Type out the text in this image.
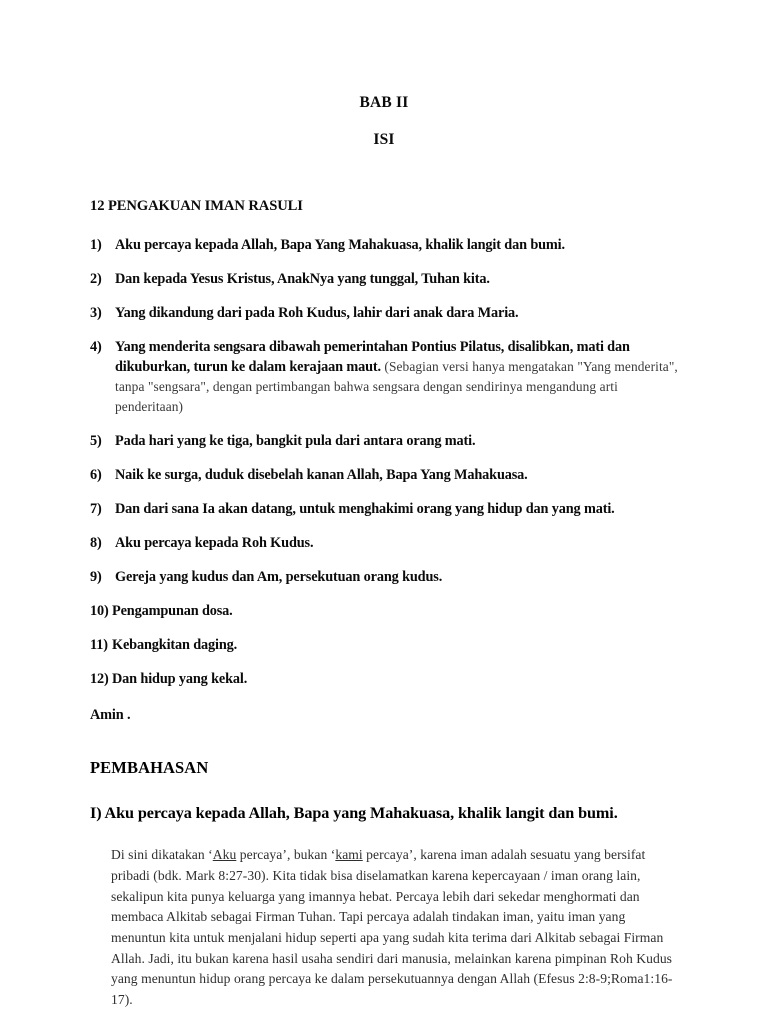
BAB II
ISI
12 PENGAKUAN IMAN RASULI
1) Aku percaya kepada Allah, Bapa Yang Mahakuasa, khalik langit dan bumi.
2) Dan kepada Yesus Kristus, AnakNya yang tunggal, Tuhan kita.
3) Yang dikandung dari pada Roh Kudus, lahir dari anak dara Maria.
4) Yang menderita sengsara dibawah pemerintahan Pontius Pilatus, disalibkan, mati dan dikuburkan, turun ke dalam kerajaan maut. (Sebagian versi hanya mengatakan "Yang menderita", tanpa "sengsara", dengan pertimbangan bahwa sengsara dengan sendirinya mengandung arti penderitaan)
5) Pada hari yang ke tiga, bangkit pula dari antara orang mati.
6) Naik ke surga, duduk disebelah kanan Allah, Bapa Yang Mahakuasa.
7) Dan dari sana Ia akan datang, untuk menghakimi orang yang hidup dan yang mati.
8) Aku percaya kepada Roh Kudus.
9) Gereja yang kudus dan Am, persekutuan orang kudus.
10) Pengampunan dosa.
11) Kebangkitan daging.
12) Dan hidup yang kekal.

Amin .

PEMBAHASAN
I) Aku percaya kepada Allah, Bapa yang Mahakuasa, khalik langit dan bumi.

Di sini dikatakan ‘Aku percaya’, bukan ‘kami percaya’, karena iman adalah sesuatu yang bersifat pribadi (bdk. Mark 8:27-30). Kita tidak bisa diselamatkan karena kepercayaan / iman orang lain, sekalipun kita punya keluarga yang imannya hebat. Percaya lebih dari sekedar menghormati dan membaca Alkitab sebagai Firman Tuhan. Tapi percaya adalah tindakan iman, yaitu iman yang menuntun kita untuk menjalani hidup seperti apa yang sudah kita terima dari Alkitab sebagai Firman Allah. Jadi, itu bukan karena hasil usaha sendiri dari manusia, melainkan karena pimpinan Roh Kudus yang menuntun hidup orang percaya ke dalam persekutuannya dengan Allah (Efesus 2:8-9;Roma1:16-17).
